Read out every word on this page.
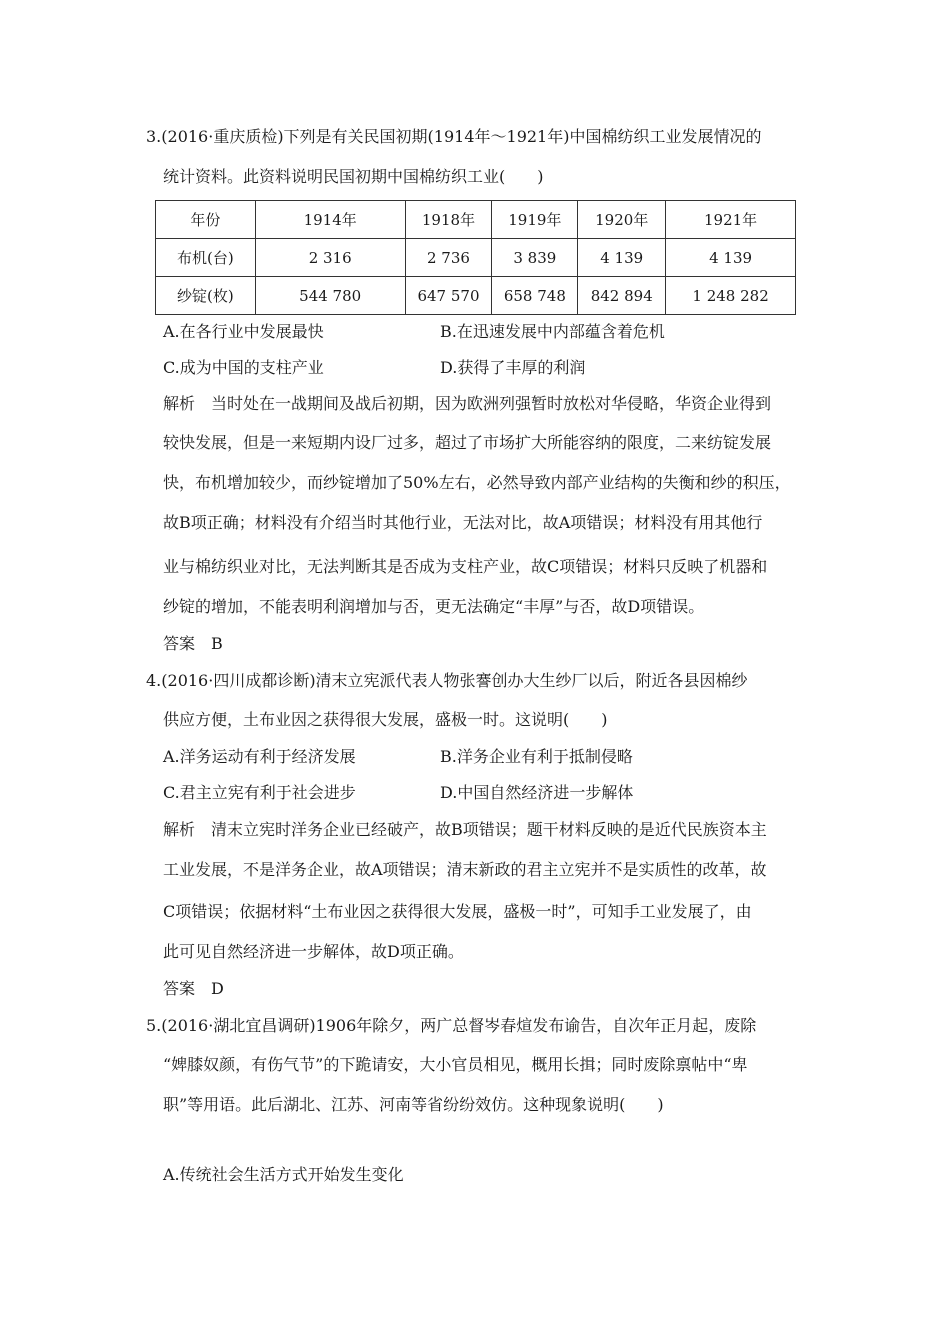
3.(2016·重庆质检)下列是有关民国初期(1914年～1921年)中国棉纺织工业发展情况的
统计资料。此资料说明民国初期中国棉纺织工业(　　)
年份	1914年	1918年	1919年	1920年	1921年
布机(台)	2 316	2 736	3 839	4 139	4 139
纱锭(枚)	544 780	647 570	658 748	842 894	1 248 282
A.在各行业中发展最快	B.在迅速发展中内部蕴含着危机
C.成为中国的支柱产业	D.获得了丰厚的利润
解析　当时处在一战期间及战后初期，因为欧洲列强暂时放松对华侵略，华资企业得到
较快发展，但是一来短期内设厂过多，超过了市场扩大所能容纳的限度，二来纺锭发展
快，布机增加较少，而纱锭增加了50%左右，必然导致内部产业结构的失衡和纱的积压，
故B项正确；材料没有介绍当时其他行业，无法对比，故A项错误；材料没有用其他行
业与棉纺织业对比，无法判断其是否成为支柱产业，故C项错误；材料只反映了机器和
纱锭的增加，不能表明利润增加与否，更无法确定“丰厚”与否，故D项错误。
答案　B
4.(2016·四川成都诊断)清末立宪派代表人物张謇创办大生纱厂以后，附近各县因棉纱
供应方便，土布业因之获得很大发展，盛极一时。这说明(　　)
A.洋务运动有利于经济发展	B.洋务企业有利于抵制侵略
C.君主立宪有利于社会进步	D.中国自然经济进一步解体
解析　清末立宪时洋务企业已经破产，故B项错误；题干材料反映的是近代民族资本主
工业发展，不是洋务企业，故A项错误；清末新政的君主立宪并不是实质性的改革，故
C项错误；依据材料“土布业因之获得很大发展，盛极一时”，可知手工业发展了，由
此可见自然经济进一步解体，故D项正确。
答案　D
5.(2016·湖北宜昌调研)1906年除夕，两广总督岑春煊发布谕告，自次年正月起，废除
“婢膝奴颜，有伤气节”的下跪请安，大小官员相见，概用长揖；同时废除禀帖中“卑
职”等用语。此后湖北、江苏、河南等省纷纷效仿。这种现象说明(　　)
A.传统社会生活方式开始发生变化
